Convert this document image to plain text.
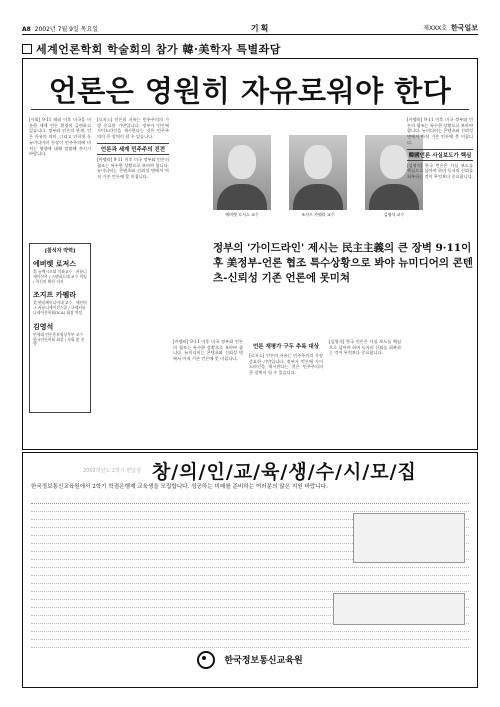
A8 2002년 7월 9일 목요일	기획	제XXX호 한국일보
세계언론학회 학술회의 참가 韓·美학자 특별좌담
언론은 영원히 자유로워야 한다
[사회] 9·11 테러 이후 미국을 비롯한 세계 언론 환경이 급변하고 있습니다. 정부와 언론의 관계, 언론 자유의 의미, 그리고 인터넷 등 뉴미디어의 등장이 민주주의에 미치는 영향에 대해 말씀해 주시기 바랍니다.
[참석자 약력]
에버렛 로저스
美 뉴멕시코대 석좌교수 · 커뮤니케이션학 / 스탠퍼드대 교수 역임 / 혁신의 확산 저자
조지프 카펠라
美 펜실베이니아대 교수 · 애넌버그 커뮤니케이션스쿨 / 국제커뮤니케이션학회(ICA) 회장 역임
김영석
연세대 언론홍보영상학부 교수 · 한국언론학회 회장 / 사회 및 진행
[로저스] 언론의 자유는 민주주의의 가장 중요한 기반입니다. 정부가 언론에 가이드라인을 제시한다는 것은 민주주의의 큰 장벽이 될 수 있습니다.
언론과 세계 민주주의 진전
[카펠라] 9·11 이후 미국 정부와 언론의 협조는 특수한 상황으로 보아야 합니다. 뉴미디어는 콘텐츠와 신뢰성 면에서 아직 기존 언론에 못 미칩니다.
에버렛 로저스 교수	조지프 카펠라 교수	김영석 교수
정부의 '가이드라인' 제시는 民主主義의 큰 장벽 9·11이후 美정부-언론 협조 특수상황으로 봐야 뉴미디어의 콘텐츠-신뢰성 기존 언론에 못미쳐
[카펠라] 9·11 이후 미국 정부와 언론의 협조는 특수한 상황으로 보아야 합니다. 뉴미디어는 콘텐츠와 신뢰성 면에서 아직 기존 언론에 못 미칩니다.
언론 재평가 구두 추록 대상
[로저스] 언론의 자유는 민주주의의 가장 중요한 기반입니다. 정부가 언론에 가이드라인을 제시한다는 것은 민주주의의 큰 장벽이 될 수 있습니다.
[김영석] 한국 언론은 사실 보도를 핵심으로 삼아야 하며 독자의 신뢰를 회복하는 것이 무엇보다 중요합니다.
[카펠라] 9·11 이후 미국 정부와 언론의 협조는 특수한 상황으로 보아야 합니다. 뉴미디어는 콘텐츠와 신뢰성 면에서 아직 기존 언론에 못 미칩니다.
韓國언론 사실보도가 핵심
[김영석] 한국 언론은 사실 보도를 핵심으로 삼아야 하며 독자의 신뢰를 회복하는 것이 무엇보다 중요합니다.
2002학년도 2학기 편입생 창/의/인/교/육/생/수/시/모/집
한국정보통신교육원에서 2학기 학점은행제 교육생을 모집합니다. 성공하는 미래를 준비하는 여러분의 많은 지원 바랍니다.
한국정보통신교육원
